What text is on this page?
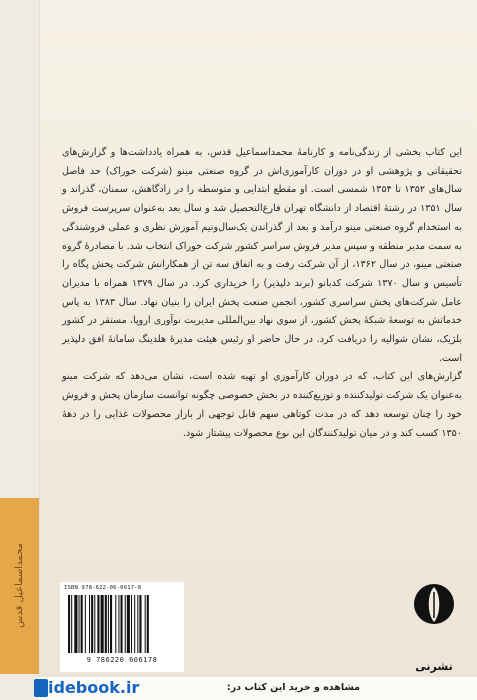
محمداسماعیل قدس

این کتاب بخشی از زندگی‌نامه و کارنامهٔ محمداسماعیل قدس، به همراه یادداشت‌ها و گزارش‌های تحقیقاتی و پژوهشی او در دوران کارآموزی‌اش در گروه صنعتی مینو (شرکت خوراک) حد فاصل سال‌های ۱۳۵۲ تا ۱۳۵۴ شمسی است. او مقطع ابتدایی و متوسطه را در زادگاهش، سمنان، گذراند و سال ۱۳۵۱ در رشتهٔ اقتصاد از دانشگاه تهران فارغ‌التحصیل شد و سال بعد به‌عنوان سرپرست فروش به استخدام گروه صنعتی مینو درآمد و بعد از گذراندن یک‌سال‌ونیم آموزش نظری و عملی فروشندگی به سمت مدیر منطقه و سپس مدیر فروش سراسر کشور شرکت خوراک انتخاب شد. با مصادرهٔ گروه صنعتی مینو، در سال ۱۳۶۲، از آن شرکت رفت و به اتفاق سه تن از همکارانش شرکت پخش پگاه را تأسیس و سال ۱۳۷۰ شرکت کدبانو (برند دلپذیر) را خریداری کرد. در سال ۱۳۷۹ همراه با مدیران عامل شرکت‌های پخش سراسری کشور، انجمن صنعت پخش ایران را بنیان نهاد. سال ۱۳۸۳ به پاس خدماتش به توسعهٔ شبکهٔ پخش کشور، از سوی نهاد بین‌المللی مدیریت نوآوری اروپا، مستقر در کشور بلژیک، نشان شوالیه را دریافت کرد. در حال حاضر او رئیس هیئت مدیرهٔ هلدینگ سامانهٔ افق دلپذیر است.

گزارش‌های این کتاب، که در دوران کارآموزی او تهیه شده است، نشان می‌دهد که شرکت مینو به‌عنوان یک شرکت تولیدکننده و توزیع‌کننده در بخش خصوصی چگونه توانست سازمان پخش و فروش خود را چنان توسعه دهد که در مدت کوتاهی سهم قابل توجهی از بازار محصولات غذایی را در دههٔ ۱۳۵۰ کسب کند و در میان تولیدکنندگان این نوع محصولات پیشتاز شود.

ISBN 978-622-06-0617-8
9 786220 606178	نشرنی
idebook.ir	مشاهده و خرید این کتاب در:
